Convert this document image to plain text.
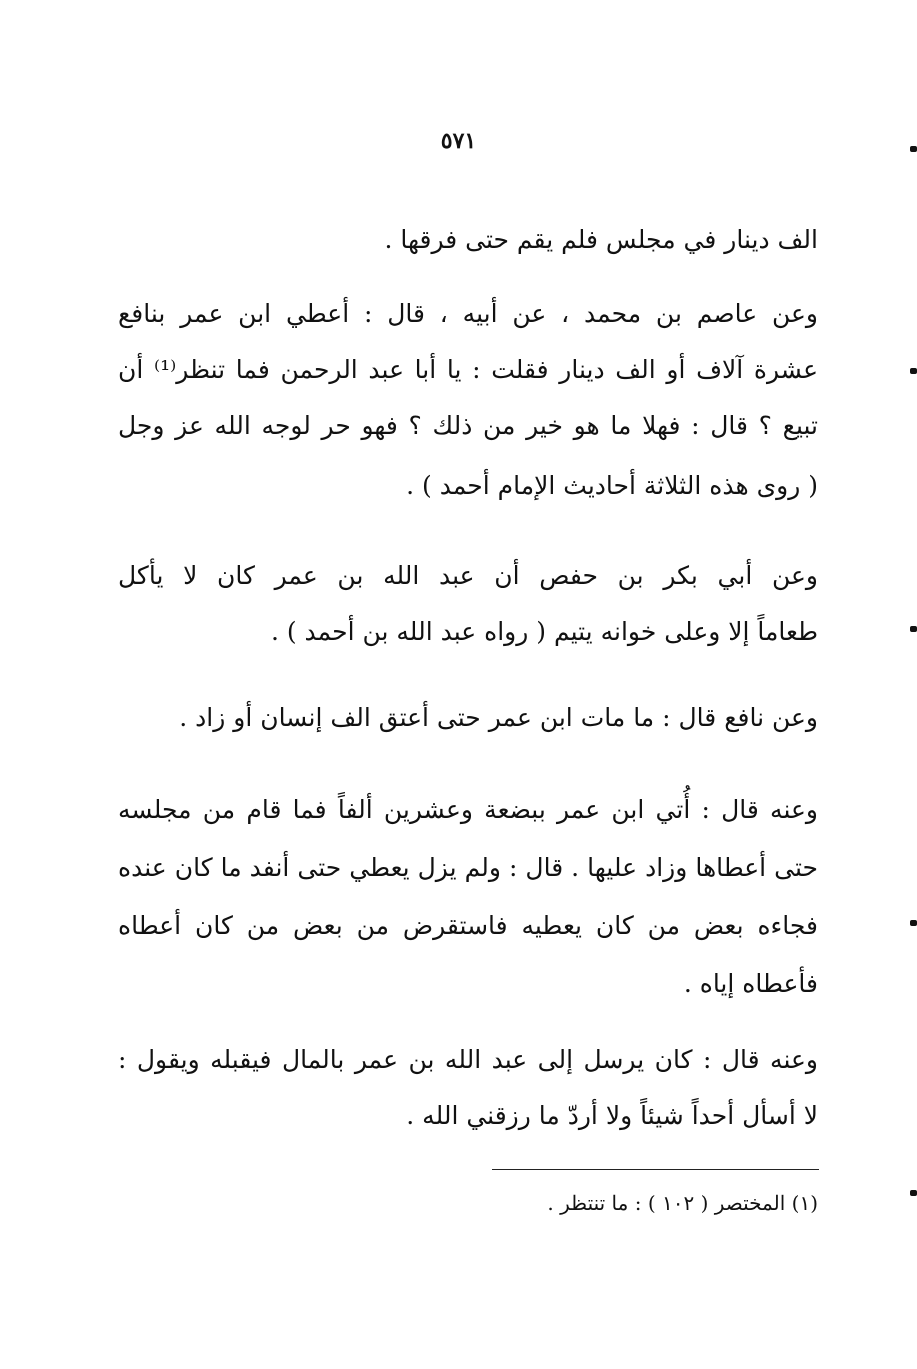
٥٧١
الف دينار في مجلس فلم يقم حتى فرقها .
وعن عاصم بن محمد ، عن أبيه ، قال : أعطي ابن عمر بنافع
عشرة آلاف أو الف دينار فقلت : يا أبا عبد الرحمن فما تنظر⁽¹⁾ أن
تبيع ؟ قال : فهلا ما هو خير من ذلك ؟ فهو حر لوجه الله عز وجل
( روى هذه الثلاثة أحاديث الإمام أحمد ) .
وعن أبي بكر بن حفص أن عبد الله بن عمر كان لا يأكل
طعاماً إلا وعلى خوانه يتيم ( رواه عبد الله بن أحمد ) .
وعن نافع قال : ما مات ابن عمر حتى أعتق الف إنسان أو زاد .
وعنه قال : أُتي ابن عمر ببضعة وعشرين ألفاً فما قام من مجلسه
حتى أعطاها وزاد عليها . قال : ولم يزل يعطي حتى أنفد ما كان عنده
فجاءه بعض من كان يعطيه فاستقرض من بعض من كان أعطاه
فأعطاه إياه .
وعنه قال : كان يرسل إلى عبد الله بن عمر بالمال فيقبله ويقول :
لا أسأل أحداً شيئاً ولا أردّ ما رزقني الله .
(١) المختصر ( ١٠٢ ) : ما تنتظر .
